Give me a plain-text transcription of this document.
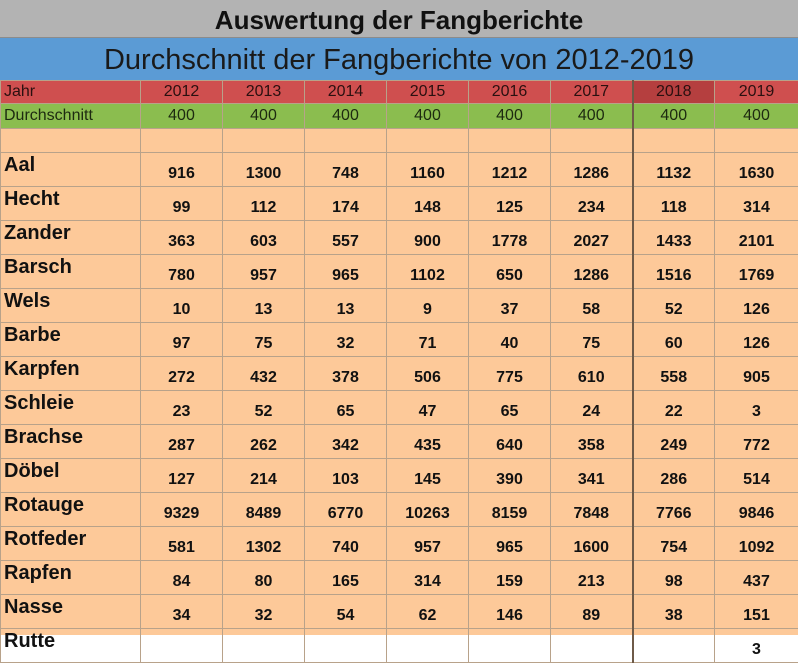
Auswertung der Fangberichte
Durchschnitt der Fangberichte von 2012-2019
Jahr	2012	2013	2014	2015	2016	2017	2018	2019
Durchschnitt	400	400	400	400	400	400	400	400

Aal	916	1300	748	1160	1212	1286	1132	1630
Hecht	99	112	174	148	125	234	118	314
Zander	363	603	557	900	1778	2027	1433	2101
Barsch	780	957	965	1102	650	1286	1516	1769
Wels	10	13	13	9	37	58	52	126
Barbe	97	75	32	71	40	75	60	126
Karpfen	272	432	378	506	775	610	558	905
Schleie	23	52	65	47	65	24	22	3
Brachse	287	262	342	435	640	358	249	772
Döbel	127	214	103	145	390	341	286	514
Rotauge	9329	8489	6770	10263	8159	7848	7766	9846
Rotfeder	581	1302	740	957	965	1600	754	1092
Rapfen	84	80	165	314	159	213	98	437
Nasse	34	32	54	62	146	89	38	151
Rutte								3
